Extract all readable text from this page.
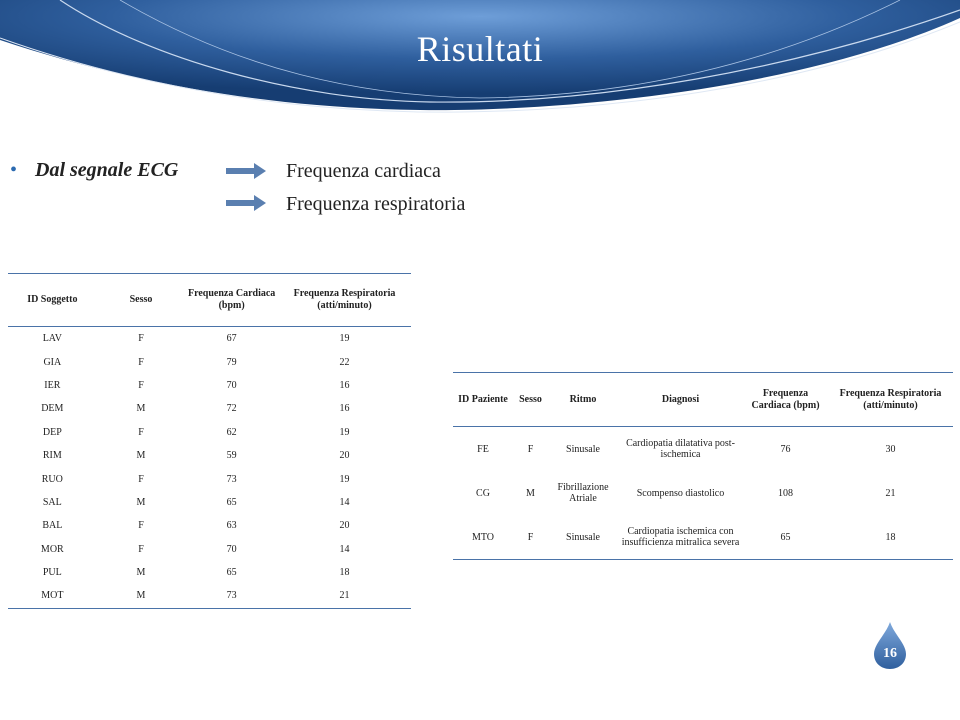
Risultati
• Dal segnale ECG	Frequenza cardiaca
Frequenza respiratoria
ID Soggetto	Sesso	Frequenza Cardiaca (bpm)	Frequenza Respiratoria (atti/minuto)
LAV	F	67	19
GIA	F	79	22
IER	F	70	16
DEM	M	72	16
DEP	F	62	19
RIM	M	59	20
RUO	F	73	19
SAL	M	65	14
BAL	F	63	20
MOR	F	70	14
PUL	M	65	18
MOT	M	73	21
ID Paziente	Sesso	Ritmo	Diagnosi	Frequenza Cardiaca (bpm)	Frequenza Respiratoria (atti/minuto)
FE	F	Sinusale	Cardiopatia dilatativa post-ischemica	76	30
CG	M	Fibrillazione Atriale	Scompenso diastolico	108	21
MTO	F	Sinusale	Cardiopatia ischemica con insufficienza mitralica severa	65	18
16
